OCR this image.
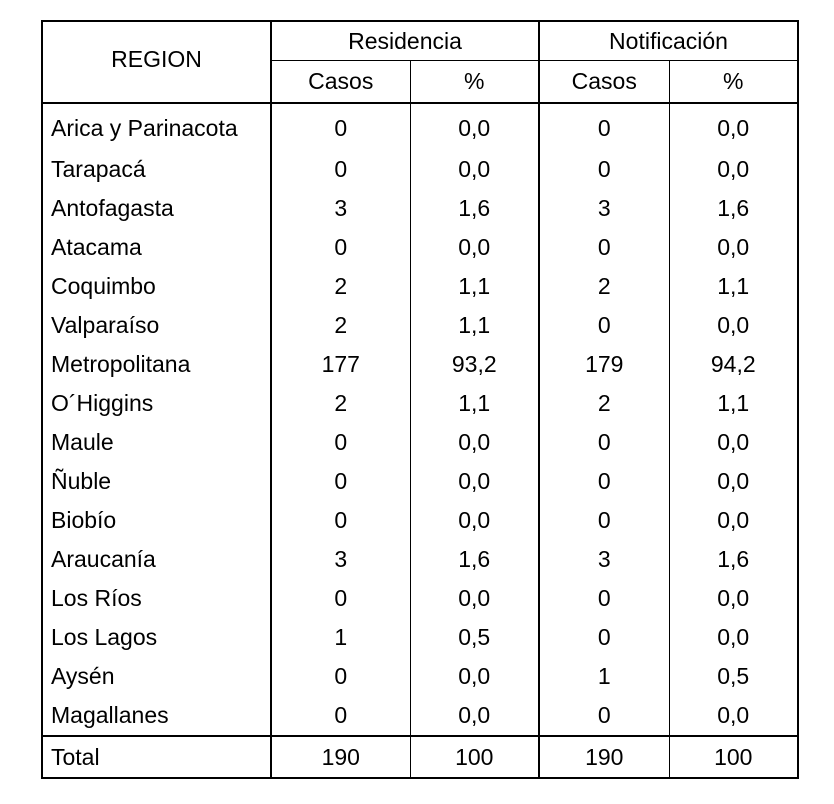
REGION	Residencia		Notificación	
	Casos	%	Casos	%
Arica y Parinacota	0	0,0	0	0,0
Tarapacá	0	0,0	0	0,0
Antofagasta	3	1,6	3	1,6
Atacama	0	0,0	0	0,0
Coquimbo	2	1,1	2	1,1
Valparaíso	2	1,1	0	0,0
Metropolitana	177	93,2	179	94,2
O´Higgins	2	1,1	2	1,1
Maule	0	0,0	0	0,0
Ñuble	0	0,0	0	0,0
Biobío	0	0,0	0	0,0
Araucanía	3	1,6	3	1,6
Los Ríos	0	0,0	0	0,0
Los Lagos	1	0,5	0	0,0
Aysén	0	0,0	1	0,5
Magallanes	0	0,0	0	0,0
Total	190	100	190	100
